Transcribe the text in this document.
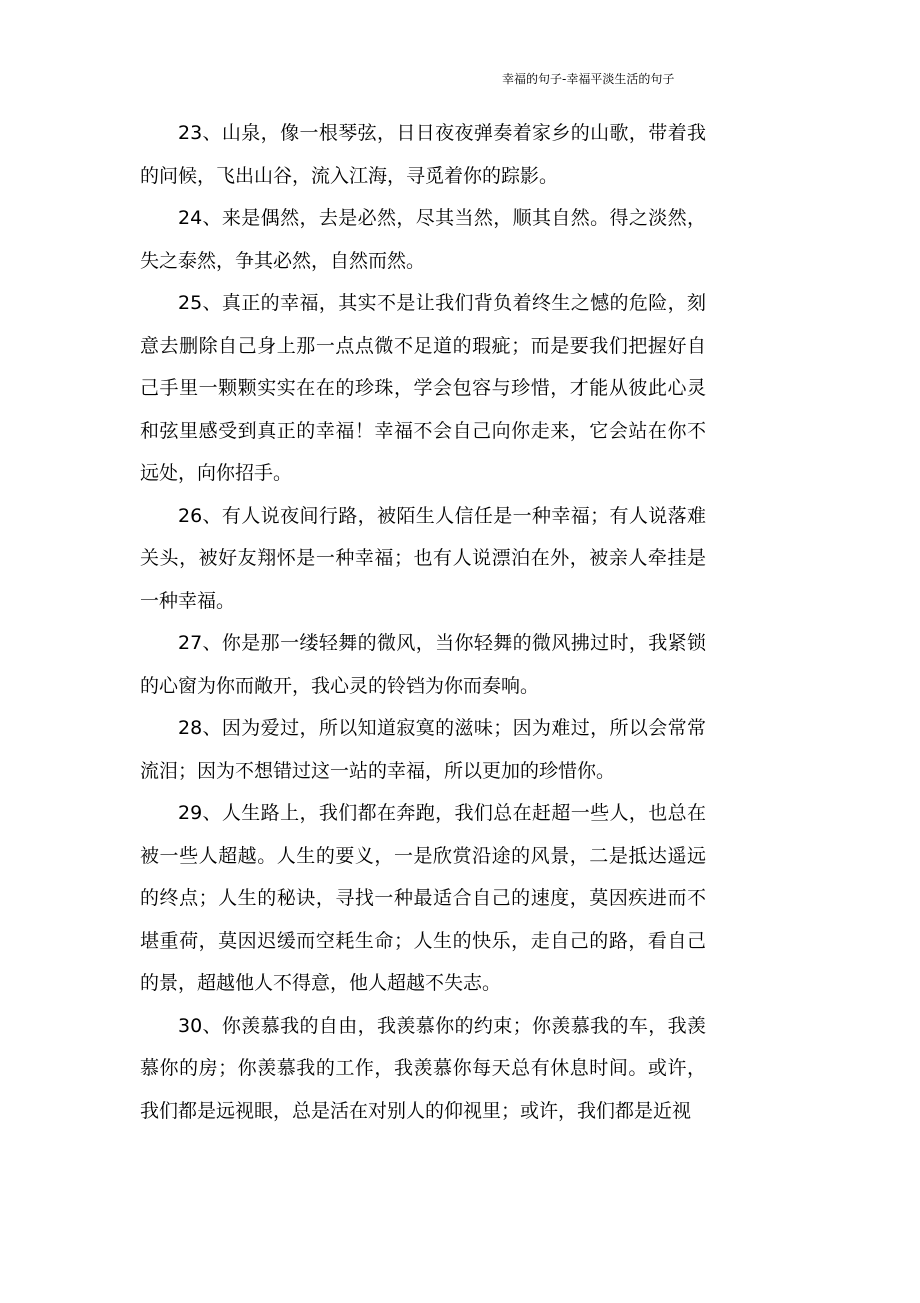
幸福的句子-幸福平淡生活的句子

23、山泉，像一根琴弦，日日夜夜弹奏着家乡的山歌，带着我的问候，飞出山谷，流入江海，寻觅着你的踪影。

24、来是偶然，去是必然，尽其当然，顺其自然。得之淡然，失之泰然，争其必然，自然而然。

25、真正的幸福，其实不是让我们背负着终生之憾的危险，刻意去删除自己身上那一点点微不足道的瑕疵；而是要我们把握好自己手里一颗颗实实在在的珍珠，学会包容与珍惜，才能从彼此心灵和弦里感受到真正的幸福！幸福不会自己向你走来，它会站在你不远处，向你招手。

26、有人说夜间行路，被陌生人信任是一种幸福；有人说落难关头，被好友翔怀是一种幸福；也有人说漂泊在外，被亲人牵挂是一种幸福。

27、你是那一缕轻舞的微风，当你轻舞的微风拂过时，我紧锁的心窗为你而敞开，我心灵的铃铛为你而奏响。

28、因为爱过，所以知道寂寞的滋味；因为难过，所以会常常流泪；因为不想错过这一站的幸福，所以更加的珍惜你。

29、人生路上，我们都在奔跑，我们总在赶超一些人，也总在被一些人超越。人生的要义，一是欣赏沿途的风景，二是抵达遥远的终点；人生的秘诀，寻找一种最适合自己的速度，莫因疾进而不堪重荷，莫因迟缓而空耗生命；人生的快乐，走自己的路，看自己的景，超越他人不得意，他人超越不失志。

30、你羡慕我的自由，我羡慕你的约束；你羡慕我的车，我羡慕你的房；你羡慕我的工作，我羡慕你每天总有休息时间。或许，我们都是远视眼，总是活在对别人的仰视里；或许，我们都是近视
